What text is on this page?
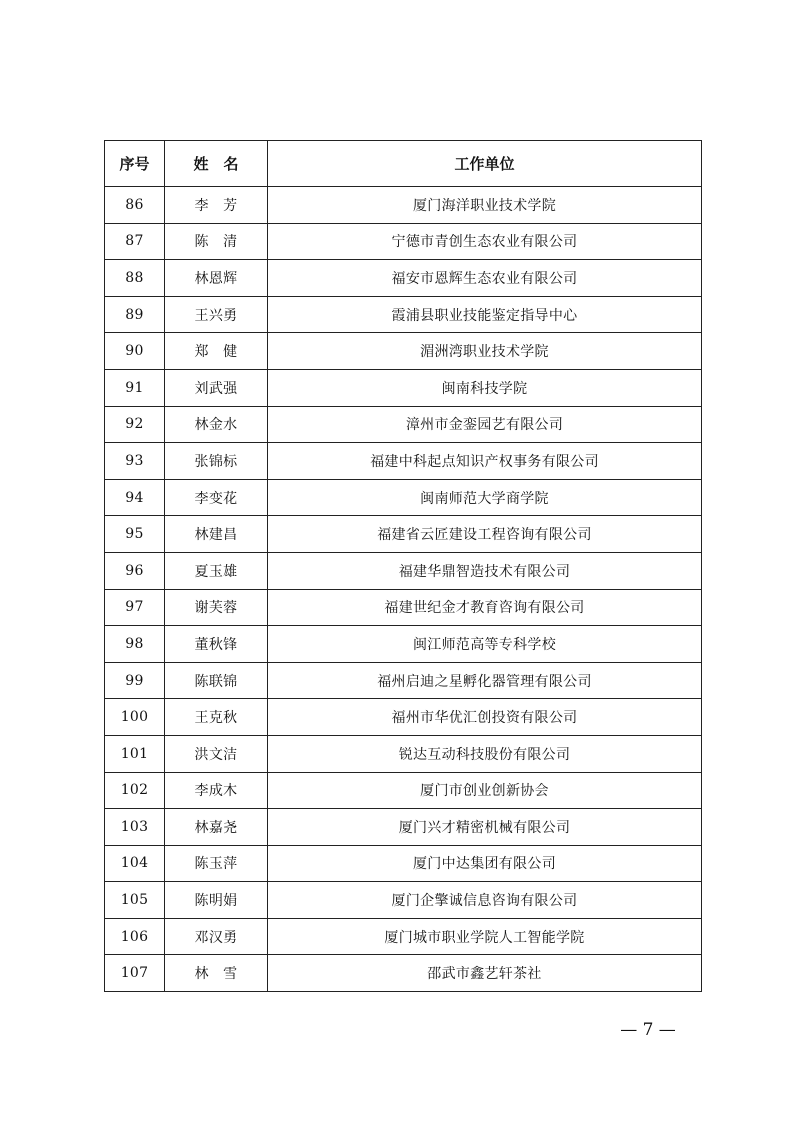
序号	姓　名	工作单位
86	李　芳	厦门海洋职业技术学院
87	陈　清	宁德市青创生态农业有限公司
88	林恩辉	福安市恩辉生态农业有限公司
89	王兴勇	霞浦县职业技能鉴定指导中心
90	郑　健	湄洲湾职业技术学院
91	刘武强	闽南科技学院
92	林金水	漳州市金銮园艺有限公司
93	张锦标	福建中科起点知识产权事务有限公司
94	李变花	闽南师范大学商学院
95	林建昌	福建省云匠建设工程咨询有限公司
96	夏玉雄	福建华鼎智造技术有限公司
97	谢芙蓉	福建世纪金才教育咨询有限公司
98	董秋锋	闽江师范高等专科学校
99	陈联锦	福州启迪之星孵化器管理有限公司
100	王克秋	福州市华优汇创投资有限公司
101	洪文洁	锐达互动科技股份有限公司
102	李成木	厦门市创业创新协会
103	林嘉尧	厦门兴才精密机械有限公司
104	陈玉萍	厦门中达集团有限公司
105	陈明娟	厦门企擎诚信息咨询有限公司
106	邓汉勇	厦门城市职业学院人工智能学院
107	林　雪	邵武市鑫艺轩茶社
— 7 —
